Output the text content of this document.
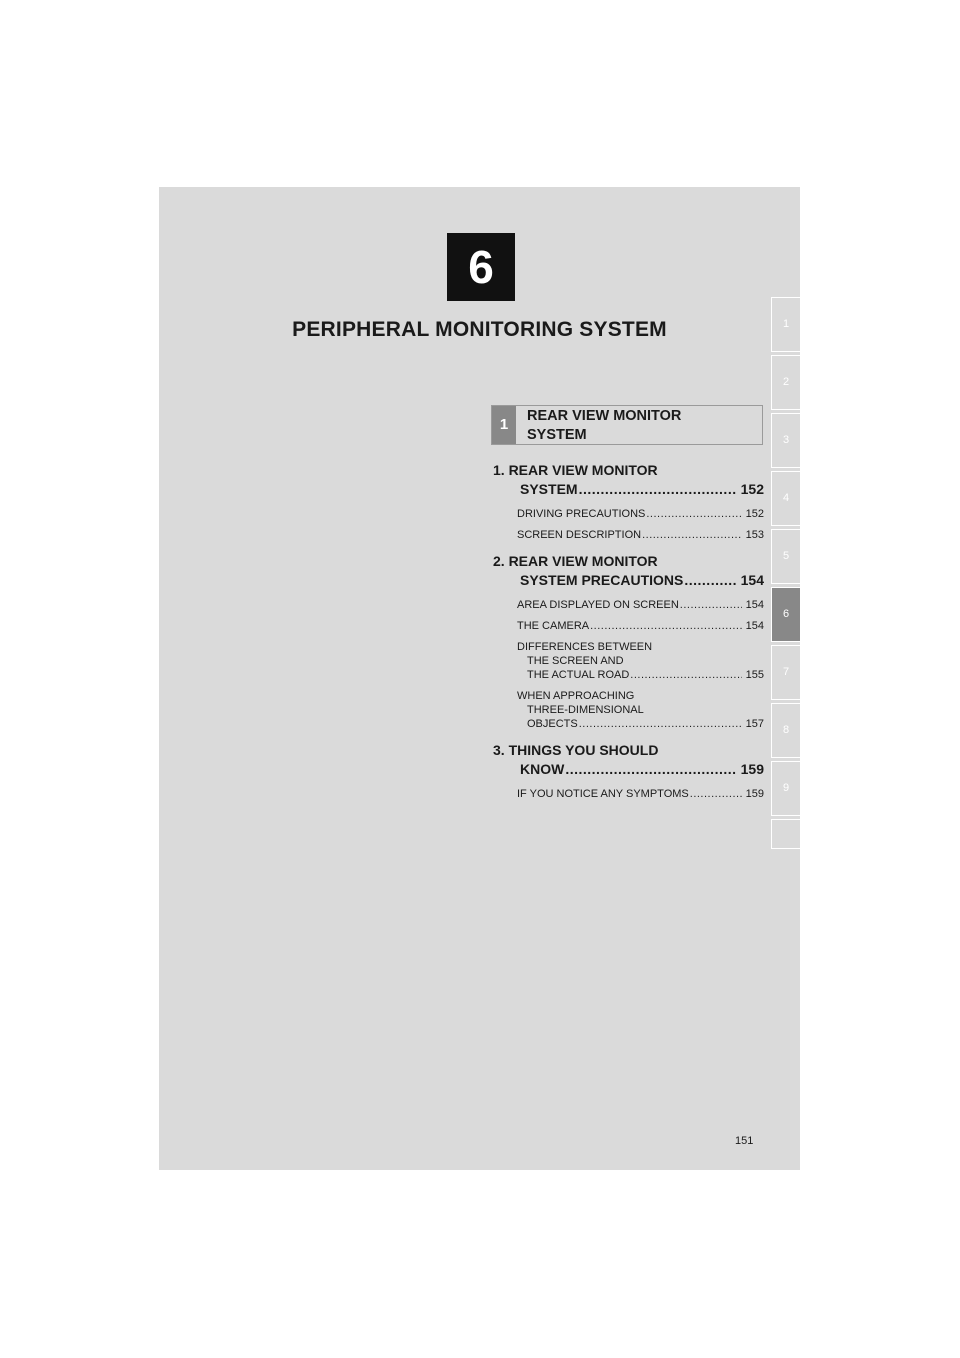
6
PERIPHERAL MONITORING SYSTEM	1
2
3
4
5
6
7
8
9
1	REAR VIEW MONITOR
SYSTEM
1. REAR VIEW MONITOR
SYSTEM .....	152
DRIVING PRECAUTIONS .....	152
SCREEN DESCRIPTION .....	153
2. REAR VIEW MONITOR
SYSTEM PRECAUTIONS .....	154
AREA DISPLAYED ON SCREEN .....	154
THE CAMERA .....	154
DIFFERENCES BETWEEN
THE SCREEN AND
THE ACTUAL ROAD .....	155
WHEN APPROACHING
THREE-DIMENSIONAL
OBJECTS .....	157
3. THINGS YOU SHOULD
KNOW .....	159
IF YOU NOTICE ANY SYMPTOMS .....	159
151
